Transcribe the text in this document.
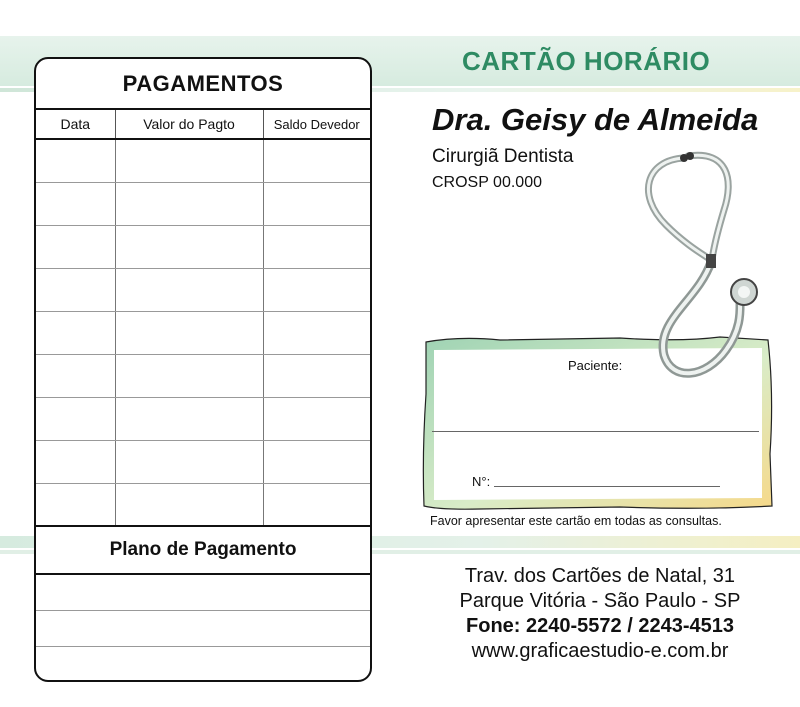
PAGAMENTOS
Data	Valor do Pagto	Saldo Devedor

Plano de Pagamento
CARTÃO HORÁRIO
Dra. Geisy de Almeida
Cirurgiã Dentista
CROSP 00.000
Paciente:
N°:
Favor apresentar este cartão em todas as consultas.
Trav. dos Cartões de Natal, 31
Parque Vitória - São Paulo - SP
Fone: 2240-5572 / 2243-4513
www.graficaestudio-e.com.br
